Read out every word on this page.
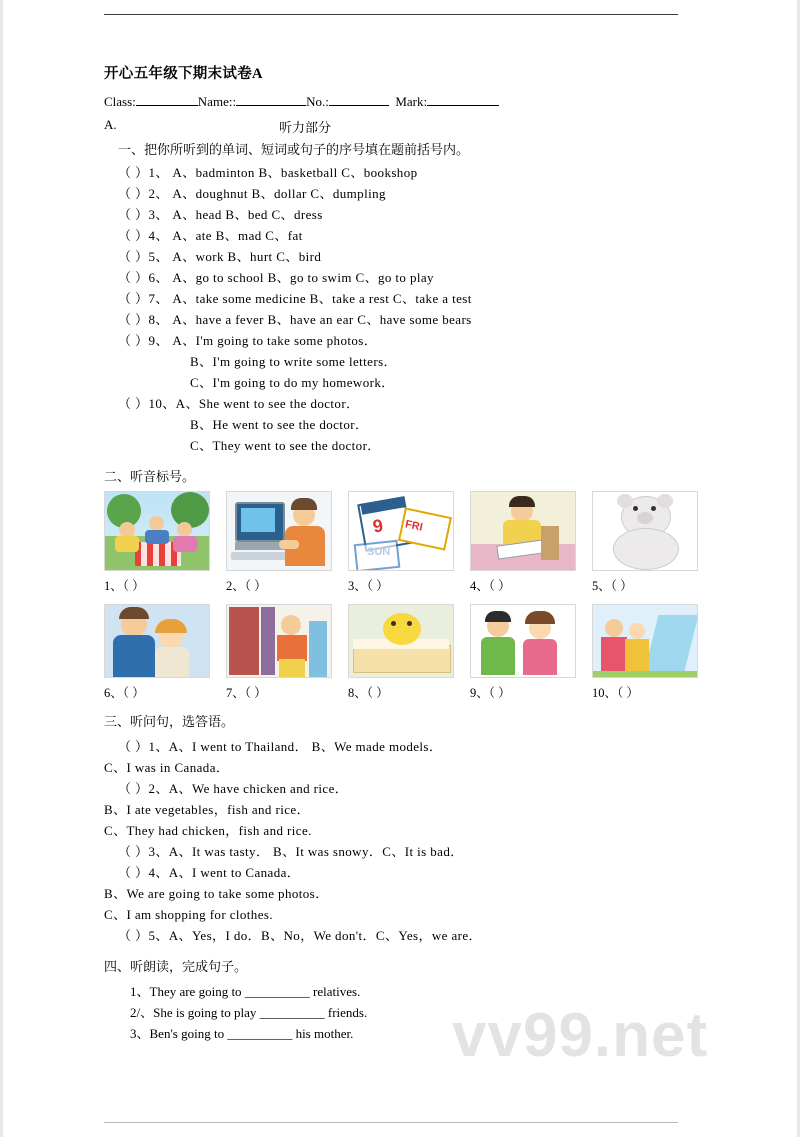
开心五年级下期末试卷A
Class:	Name::	No.:	Mark:
A.	听力部分
一、把你所听到的单词、短词或句子的序号填在题前括号内。
（ ）1、 A、badminton B、basketball C、bookshop
（ ）2、 A、doughnut B、dollar C、dumpling
（ ）3、 A、head B、bed C、dress
（ ）4、 A、ate B、mad C、fat
（ ）5、 A、work B、hurt C、bird
（ ）6、 A、go to school B、go to swim C、go to play
（ ）7、 A、take some medicine B、take a rest C、take a test
（ ）8、 A、have a fever B、have an ear C、have some bears
（ ）9、 A、I'm going to take some photos．
B、I'm going to write some letters．
C、I'm going to do my homework．
（ ）10、A、She went to see the doctor．
B、He went to see the doctor．
C、They went to see the doctor．
二、听音标号。
1、（ ）	2、（ ）
9 FRI
3、（ ）	4、（ ）	5、（ ）
6、（ ）	7、（ ）	8、（ ）	9、（ ）	10、（ ）
三、听问句，选答语。
（ ）1、A、I went to Thailand． B、We made models．
C、I was in Canada．
（ ）2、A、We have chicken and rice．
B、I ate vegetables，fish and rice．
C、They had chicken，fish and rice.
（ ）3、A、It was tasty． B、It was snowy．C、It is bad．
（ ）4、A、I went to Canada．
B、We are going to take some photos．
C、I am shopping for clothes.
（ ）5、A、Yes，I do．B、No，We don't．C、Yes，we are．
四、听朗读，完成句子。
1、They are going to __________ relatives.
2/、She is going to play __________ friends.
3、Ben's going to __________ his mother.	vv99.net
